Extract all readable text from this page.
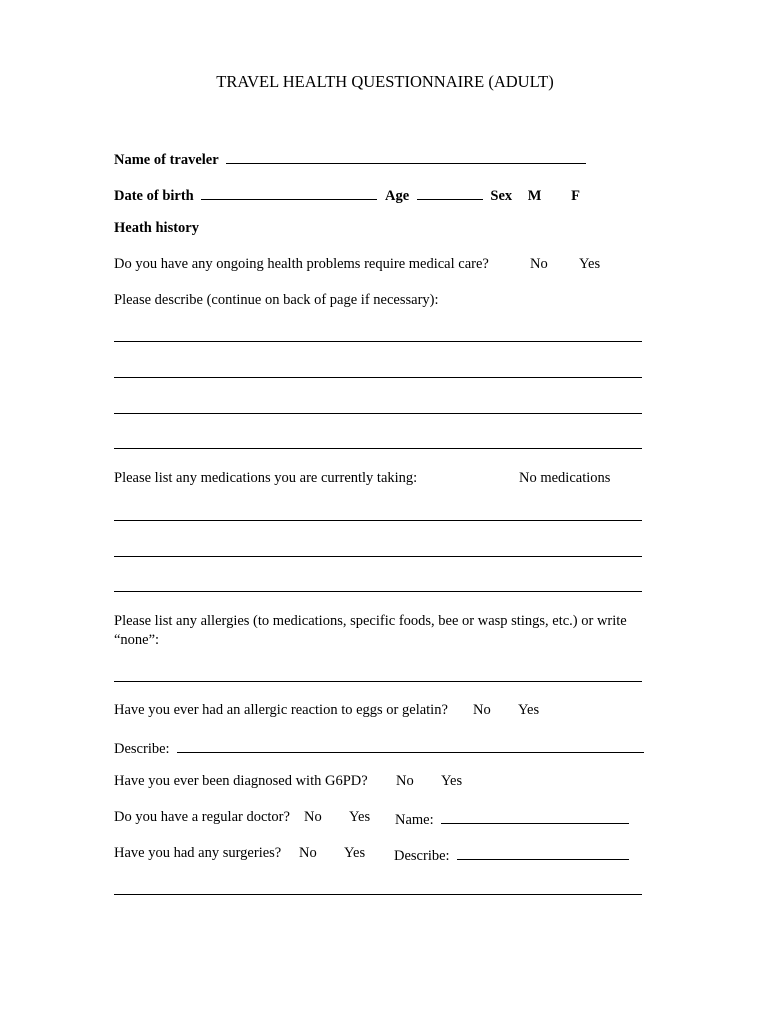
TRAVEL HEALTH QUESTIONNAIRE (ADULT)
Name of traveler
Date of birth	Age	Sex M F
Heath history
Do you have any ongoing health problems require medical care?	No Yes
Please describe (continue on back of page if necessary):
Please list any medications you are currently taking:	No medications
Please list any allergies (to medications, specific foods, bee or wasp stings, etc.) or write
“none”:
Have you ever had an allergic reaction to eggs or gelatin? No Yes
Describe:
Have you ever been diagnosed with G6PD? No Yes
Do you have a regular doctor? No Yes Name:
Have you had any surgeries? No Yes Describe:
